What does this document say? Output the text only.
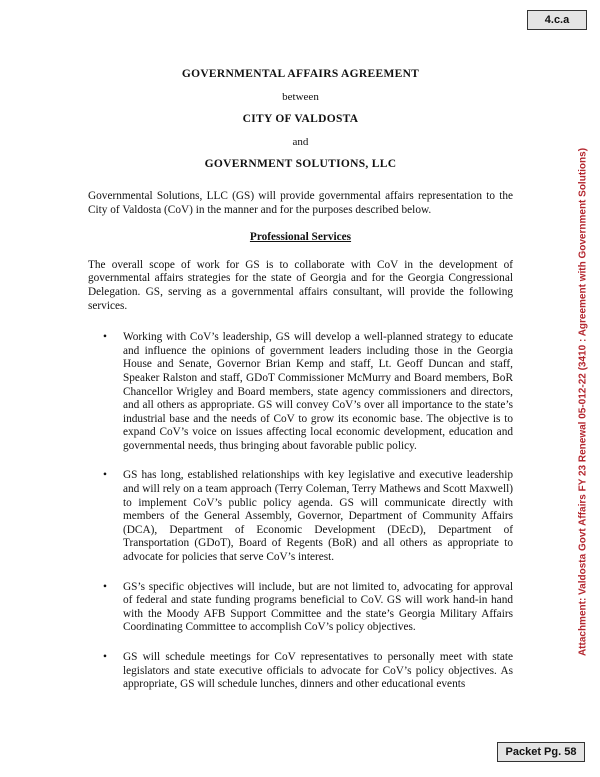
4.c.a
Attachment: Valdosta Govt Affairs FY 23 Renewal 05-012-22 (3410 : Agreement with Government Solutions)
GOVERNMENTAL AFFAIRS AGREEMENT
between
CITY OF VALDOSTA
and
GOVERNMENT SOLUTIONS, LLC

Governmental Solutions, LLC (GS) will provide governmental affairs representation to the City of Valdosta (CoV) in the manner and for the purposes described below.

Professional Services

The overall scope of work for GS is to collaborate with CoV in the development of governmental affairs strategies for the state of Georgia and for the Georgia Congressional Delegation. GS, serving as a governmental affairs consultant, will provide the following services.

• Working with CoV’s leadership, GS will develop a well-planned strategy to educate and influence the opinions of government leaders including those in the Georgia House and Senate, Governor Brian Kemp and staff, Lt. Geoff Duncan and staff, Speaker Ralston and staff, GDoT Commissioner McMurry and Board members, BoR Chancellor Wrigley and Board members, state agency commissioners and directors, and all others as appropriate. GS will convey CoV’s over all importance to the state’s industrial base and the needs of CoV to grow its economic base. The objective is to expand CoV’s voice on issues affecting local economic development, education and governmental needs, thus bringing about favorable public policy.
• GS has long, established relationships with key legislative and executive leadership and will rely on a team approach (Terry Coleman, Terry Mathews and Scott Maxwell) to implement CoV’s public policy agenda. GS will communicate directly with members of the General Assembly, Governor, Department of Community Affairs (DCA), Department of Economic Development (DEcD), Department of Transportation (GDoT), Board of Regents (BoR) and all others as appropriate to advocate for policies that serve CoV’s interest.
• GS’s specific objectives will include, but are not limited to, advocating for approval of federal and state funding programs beneficial to CoV. GS will work hand-in hand with the Moody AFB Support Committee and the state’s Georgia Military Affairs Coordinating Committee to accomplish CoV’s policy objectives.
• GS will schedule meetings for CoV representatives to personally meet with state legislators and state executive officials to advocate for CoV’s policy objectives. As appropriate, GS will schedule lunches, dinners and other educational events
Packet Pg. 58
